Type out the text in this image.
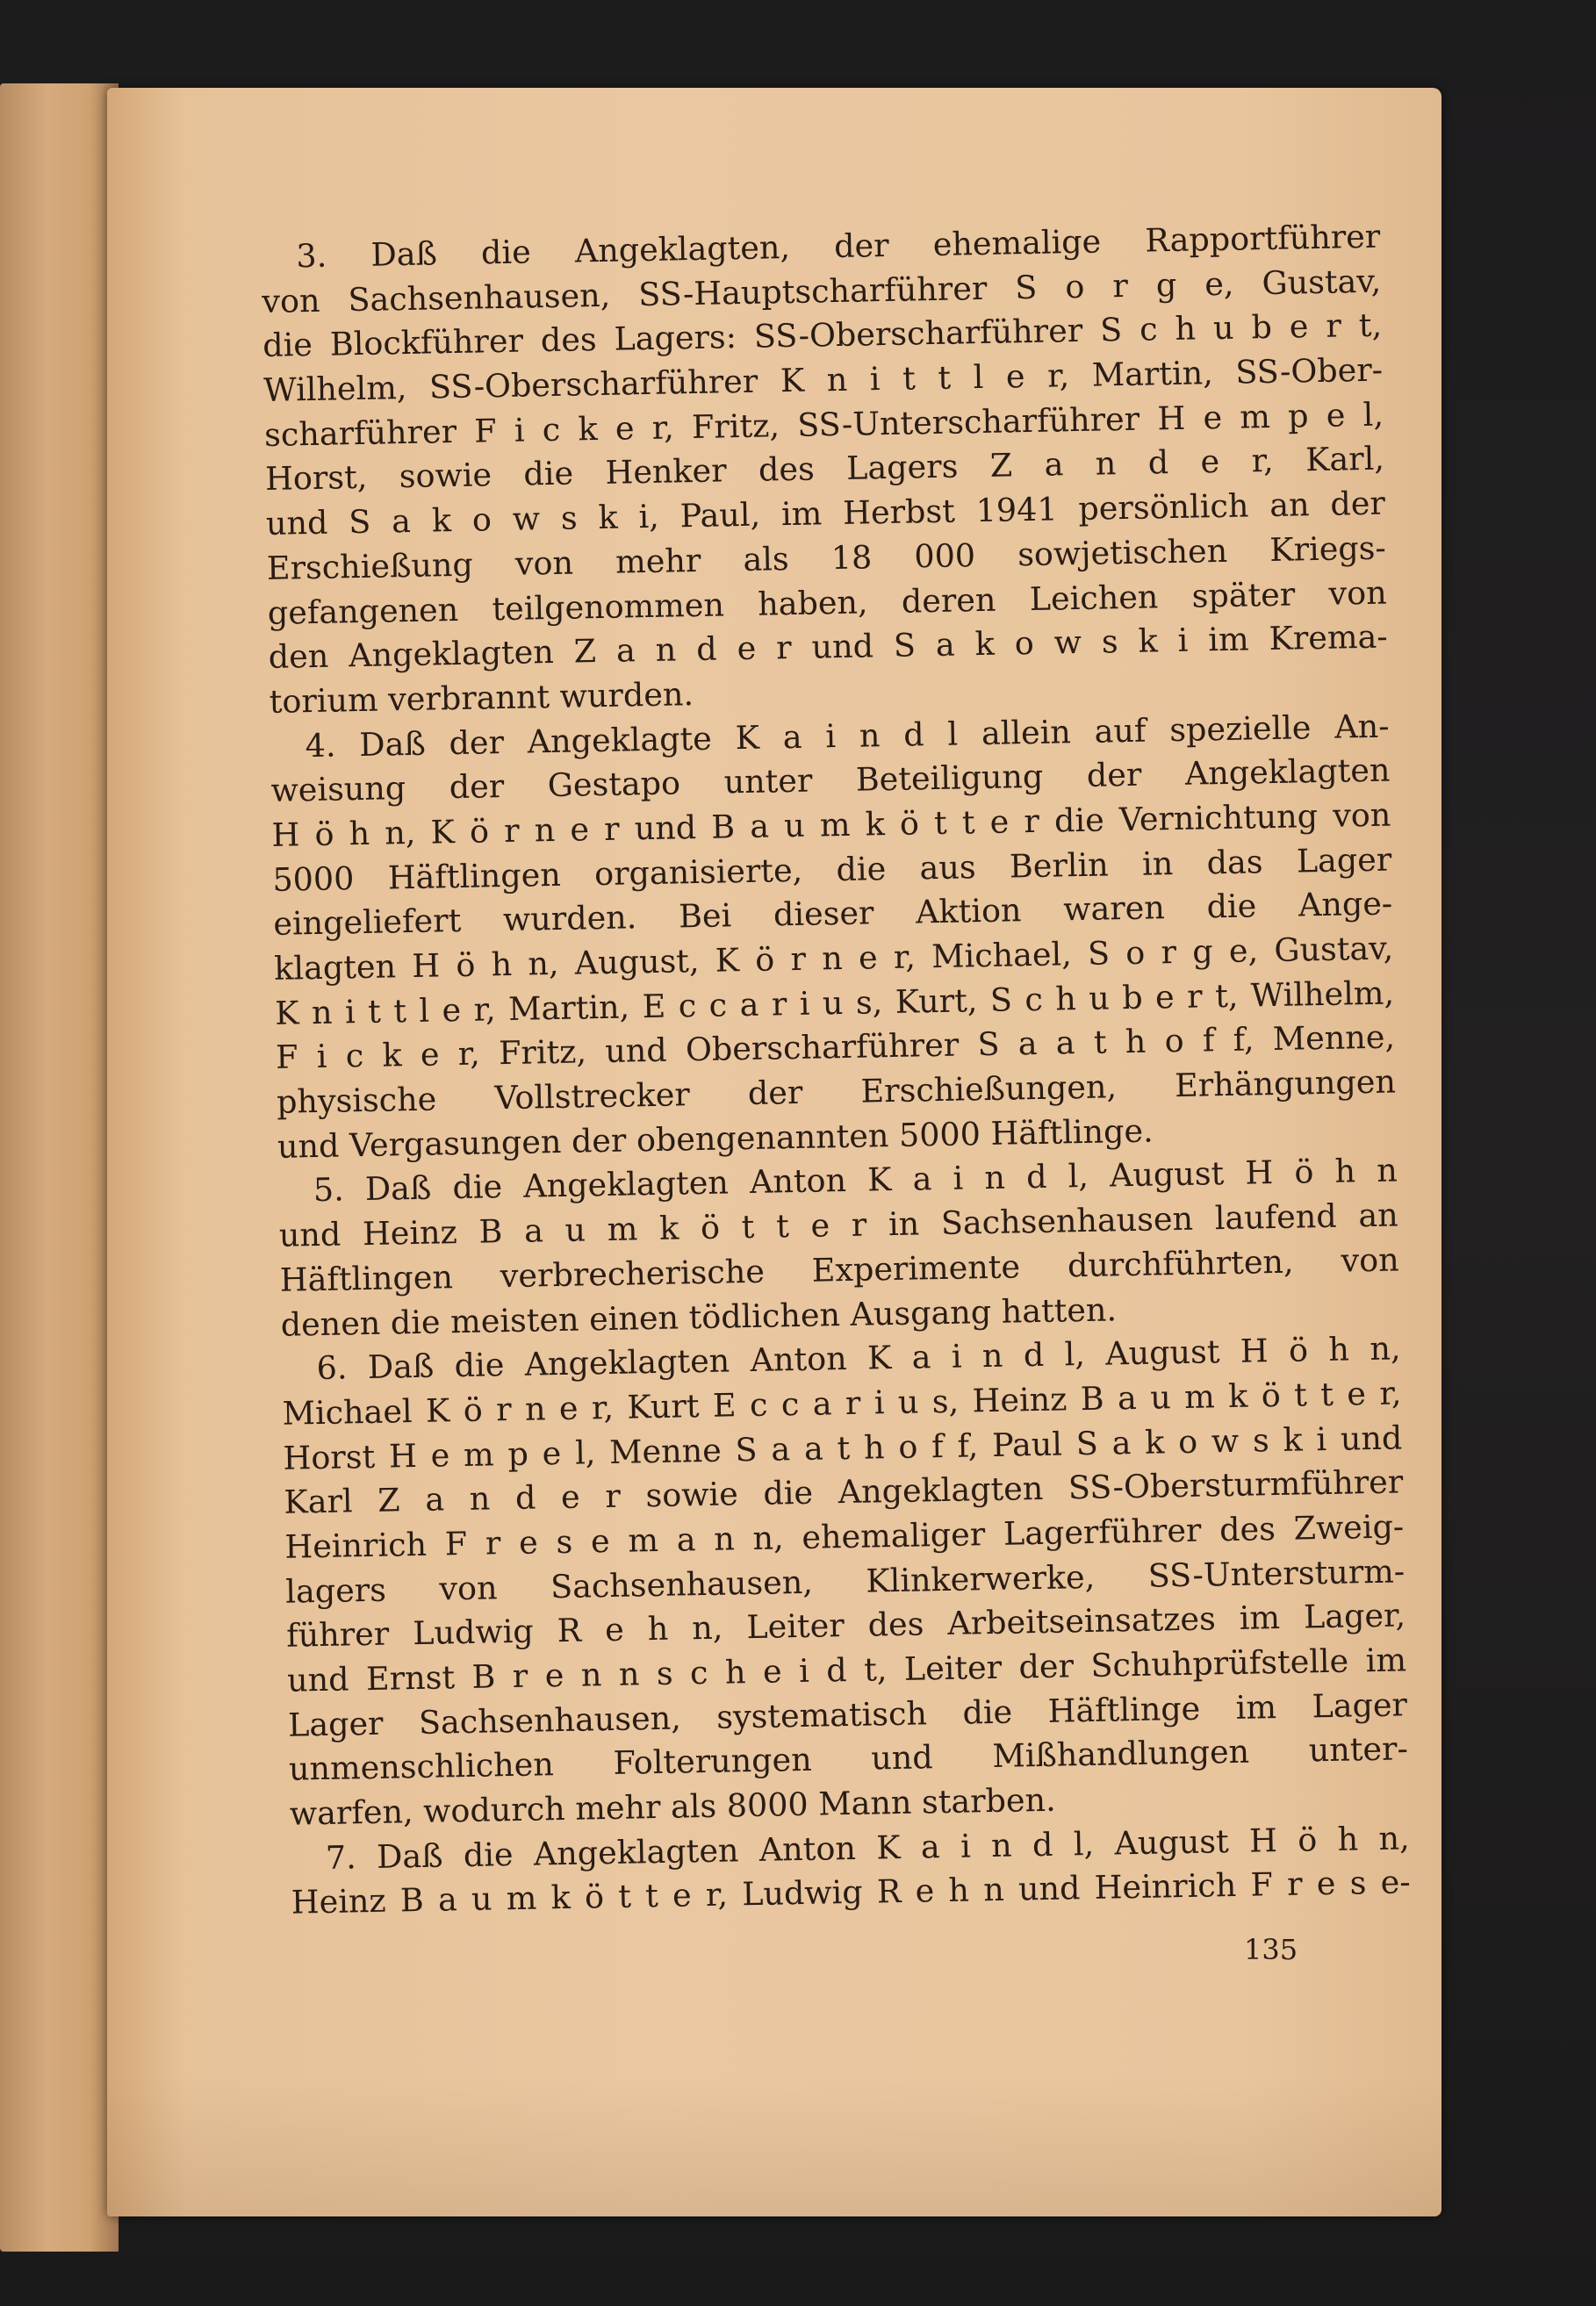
3. Daß die Angeklagten, der ehemalige Rapportführer
von Sachsenhausen, SS-Hauptscharführer S o r g e, Gustav,
die Blockführer des Lagers: SS-Oberscharführer S c h u b e r t,
Wilhelm, SS-Oberscharführer K n i t t l e r, Martin, SS-Ober-
scharführer F i c k e r, Fritz, SS-Unterscharführer H e m p e l,
Horst, sowie die Henker des Lagers Z a n d e r, Karl,
und S a k o w s k i, Paul, im Herbst 1941 persönlich an der
Erschießung von mehr als 18 000 sowjetischen Kriegs-
gefangenen teilgenommen haben, deren Leichen später von
den Angeklagten Z a n d e r und S a k o w s k i im Krema-
torium verbrannt wurden.
4. Daß der Angeklagte K a i n d l allein auf spezielle An-
weisung der Gestapo unter Beteiligung der Angeklagten
H ö h n, K ö r n e r und B a u m k ö t t e r die Vernichtung von
5000 Häftlingen organisierte, die aus Berlin in das Lager
eingeliefert wurden. Bei dieser Aktion waren die Ange-
klagten H ö h n, August, K ö r n e r, Michael, S o r g e, Gustav,
K n i t t l e r, Martin, E c c a r i u s, Kurt, S c h u b e r t, Wilhelm,
F i c k e r, Fritz, und Oberscharführer S a a t h o f f, Menne,
physische Vollstrecker der Erschießungen, Erhängungen
und Vergasungen der obengenannten 5000 Häftlinge.
5. Daß die Angeklagten Anton K a i n d l, August H ö h n
und Heinz B a u m k ö t t e r in Sachsenhausen laufend an
Häftlingen verbrecherische Experimente durchführten, von
denen die meisten einen tödlichen Ausgang hatten.
6. Daß die Angeklagten Anton K a i n d l, August H ö h n,
Michael K ö r n e r, Kurt E c c a r i u s, Heinz B a u m k ö t t e r,
Horst H e m p e l, Menne S a a t h o f f, Paul S a k o w s k i und
Karl Z a n d e r sowie die Angeklagten SS-Obersturmführer
Heinrich F r e s e m a n n, ehemaliger Lagerführer des Zweig-
lagers von Sachsenhausen, Klinkerwerke, SS-Untersturm-
führer Ludwig R e h n, Leiter des Arbeitseinsatzes im Lager,
und Ernst B r e n n s c h e i d t, Leiter der Schuhprüfstelle im
Lager Sachsenhausen, systematisch die Häftlinge im Lager
unmenschlichen Folterungen und Mißhandlungen unter-
warfen, wodurch mehr als 8000 Mann starben.
7. Daß die Angeklagten Anton K a i n d l, August H ö h n,
Heinz B a u m k ö t t e r, Ludwig R e h n und Heinrich F r e s e-
135
